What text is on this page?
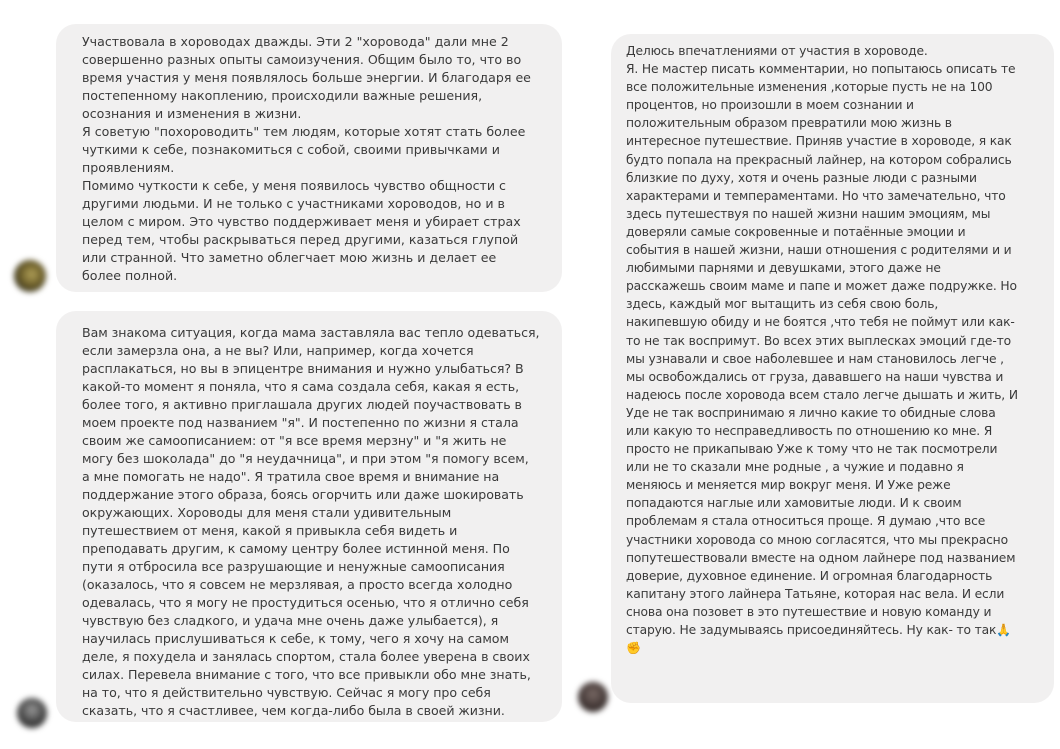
Участвовала в хороводах дважды. Эти 2 "хоровода" дали мне 2
совершенно разных опыты самоизучения. Общим было то, что во
время участия у меня появлялось больше энергии. И благодаря ее
постепенному накоплению, происходили важные решения,
осознания и изменения в жизни.
Я советую "похороводить" тем людям, которые хотят стать более
чуткими к себе, познакомиться с собой, своими привычками и
проявлениям.
Помимо чуткости к себе, у меня появилось чувство общности с
другими людьми. И не только с участниками хороводов, но и в
целом с миром. Это чувство поддерживает меня и убирает страх
перед тем, чтобы раскрываться перед другими, казаться глупой
или странной. Что заметно облегчает мою жизнь и делает ее
более полной.

Вам знакома ситуация, когда мама заставляла вас тепло одеваться,
если замерзла она, а не вы? Или, например, когда хочется
расплакаться, но вы в эпицентре внимания и нужно улыбаться? В
какой-то момент я поняла, что я сама создала себя, какая я есть,
более того, я активно приглашала других людей поучаствовать в
моем проекте под названием "я". И постепенно по жизни я стала
своим же самоописанием: от "я все время мерзну" и "я жить не
могу без шоколада" до "я неудачница", и при этом "я помогу всем,
а мне помогать не надо". Я тратила свое время и внимание на
поддержание этого образа, боясь огорчить или даже шокировать
окружающих. Хороводы для меня стали удивительным
путешествием от меня, какой я привыкла себя видеть и
преподавать другим, к самому центру более истинной меня. По
пути я отбросила все разрушающие и ненужные самоописания
(оказалось, что я совсем не мерзлявая, а просто всегда холодно
одевалась, что я могу не простудиться осенью, что я отлично себя
чувствую без сладкого, и удача мне очень даже улыбается), я
научилась прислушиваться к себе, к тому, чего я хочу на самом
деле, я похудела и занялась спортом, стала более уверена в своих
силах. Перевела внимание с того, что все привыкли обо мне знать,
на то, что я действительно чувствую. Сейчас я могу про себя
сказать, что я счастливее, чем когда-либо была в своей жизни.

Делюсь впечатлениями от участия в хороводе.
Я. Не мастер писать комментарии, но попытаюсь описать те
все положительные изменения ,которые пусть не на 100
процентов, но произошли в моем сознании и
положительным образом превратили мою жизнь в
интересное путешествие. Приняв участие в хороводе, я как
будто попала на прекрасный лайнер, на котором собрались
близкие по духу, хотя и очень разные люди с разными
характерами и темпераментами. Но что замечательно, что
здесь путешествуя по нашей жизни нашим эмоциям, мы
доверяли самые сокровенные и потаённые эмоции и
события в нашей жизни, наши отношения с родителями и и
любимыми парнями и девушками, этого даже не
расскажешь своим маме и папе и может даже подружке. Но
здесь, каждый мог вытащить из себя свою боль,
накипевшую обиду и не боятся ,что тебя не поймут или как-
то не так воспримут. Во всех этих выплесках эмоций где-то
мы узнавали и свое наболевшее и нам становилось легче ,
мы освобождались от груза, дававшего на наши чувства и
надеюсь после хоровода всем стало легче дышать и жить, И
Уде не так воспринимаю я лично какие то обидные слова
или какую то несправедливость по отношению ко мне. Я
просто не прикапываю Уже к тому что не так посмотрели
или не то сказали мне родные , а чужие и подавно я
меняюсь и меняется мир вокруг меня. И Уже реже
попадаются наглые или хамовитые люди. И к своим
проблемам я стала относиться проще. Я думаю ,что все
участники хоровода со мною согласятся, что мы прекрасно
попутешествовали вместе на одном лайнере под названием
доверие, духовное единение. И огромная благодарность
капитану этого лайнера Татьяне, которая нас вела. И если
снова она позовет в это путешествие и новую команду и
старую. Не задумываясь присоединяйтесь. Ну как- то так🙏
✊
